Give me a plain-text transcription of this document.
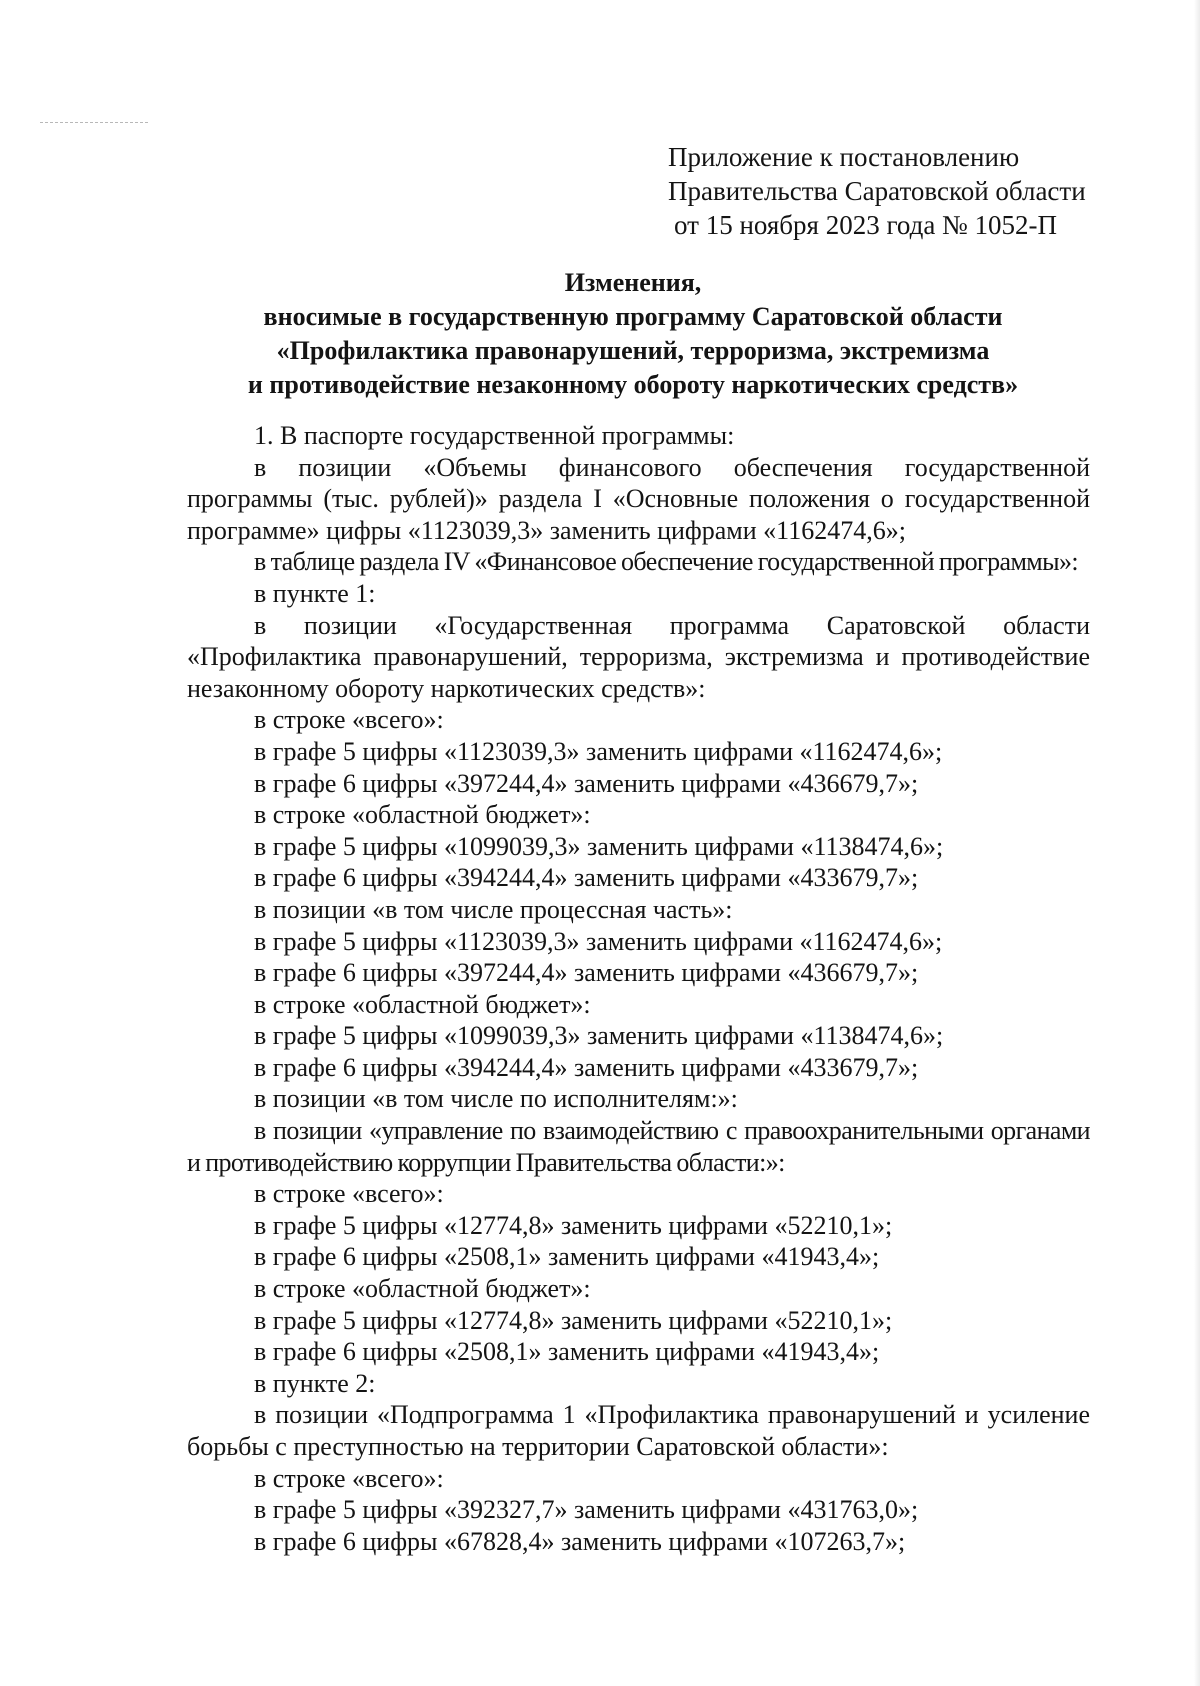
Приложение к постановлению
Правительства Саратовской области
от 15 ноября 2023 года № 1052-П
Изменения,
вносимые в государственную программу Саратовской области
«Профилактика правонарушений, терроризма, экстремизма
и противодействие незаконному обороту наркотических средств»
1. В паспорте государственной программы:
в позиции «Объемы финансового обеспечения государственной программы (тыс. рублей)» раздела I «Основные положения о государственной программе» цифры «1123039,3» заменить цифрами «1162474,6»;
в таблице раздела IV «Финансовое обеспечение государственной программы»:
в пункте 1:
в позиции «Государственная программа Саратовской области «Профилактика правонарушений, терроризма, экстремизма и противодействие незаконному обороту наркотических средств»:
в строке «всего»:
в графе 5 цифры «1123039,3» заменить цифрами «1162474,6»;
в графе 6 цифры «397244,4» заменить цифрами «436679,7»;
в строке «областной бюджет»:
в графе 5 цифры «1099039,3» заменить цифрами «1138474,6»;
в графе 6 цифры «394244,4» заменить цифрами «433679,7»;
в позиции «в том числе процессная часть»:
в графе 5 цифры «1123039,3» заменить цифрами «1162474,6»;
в графе 6 цифры «397244,4» заменить цифрами «436679,7»;
в строке «областной бюджет»:
в графе 5 цифры «1099039,3» заменить цифрами «1138474,6»;
в графе 6 цифры «394244,4» заменить цифрами «433679,7»;
в позиции «в том числе по исполнителям:»:
в позиции «управление по взаимодействию с правоохранительными органами и противодействию коррупции Правительства области:»:
в строке «всего»:
в графе 5 цифры «12774,8» заменить цифрами «52210,1»;
в графе 6 цифры «2508,1» заменить цифрами «41943,4»;
в строке «областной бюджет»:
в графе 5 цифры «12774,8» заменить цифрами «52210,1»;
в графе 6 цифры «2508,1» заменить цифрами «41943,4»;
в пункте 2:
в позиции «Подпрограмма 1 «Профилактика правонарушений и усиление борьбы с преступностью на территории Саратовской области»:
в строке «всего»:
в графе 5 цифры «392327,7» заменить цифрами «431763,0»;
в графе 6 цифры «67828,4» заменить цифрами «107263,7»;
